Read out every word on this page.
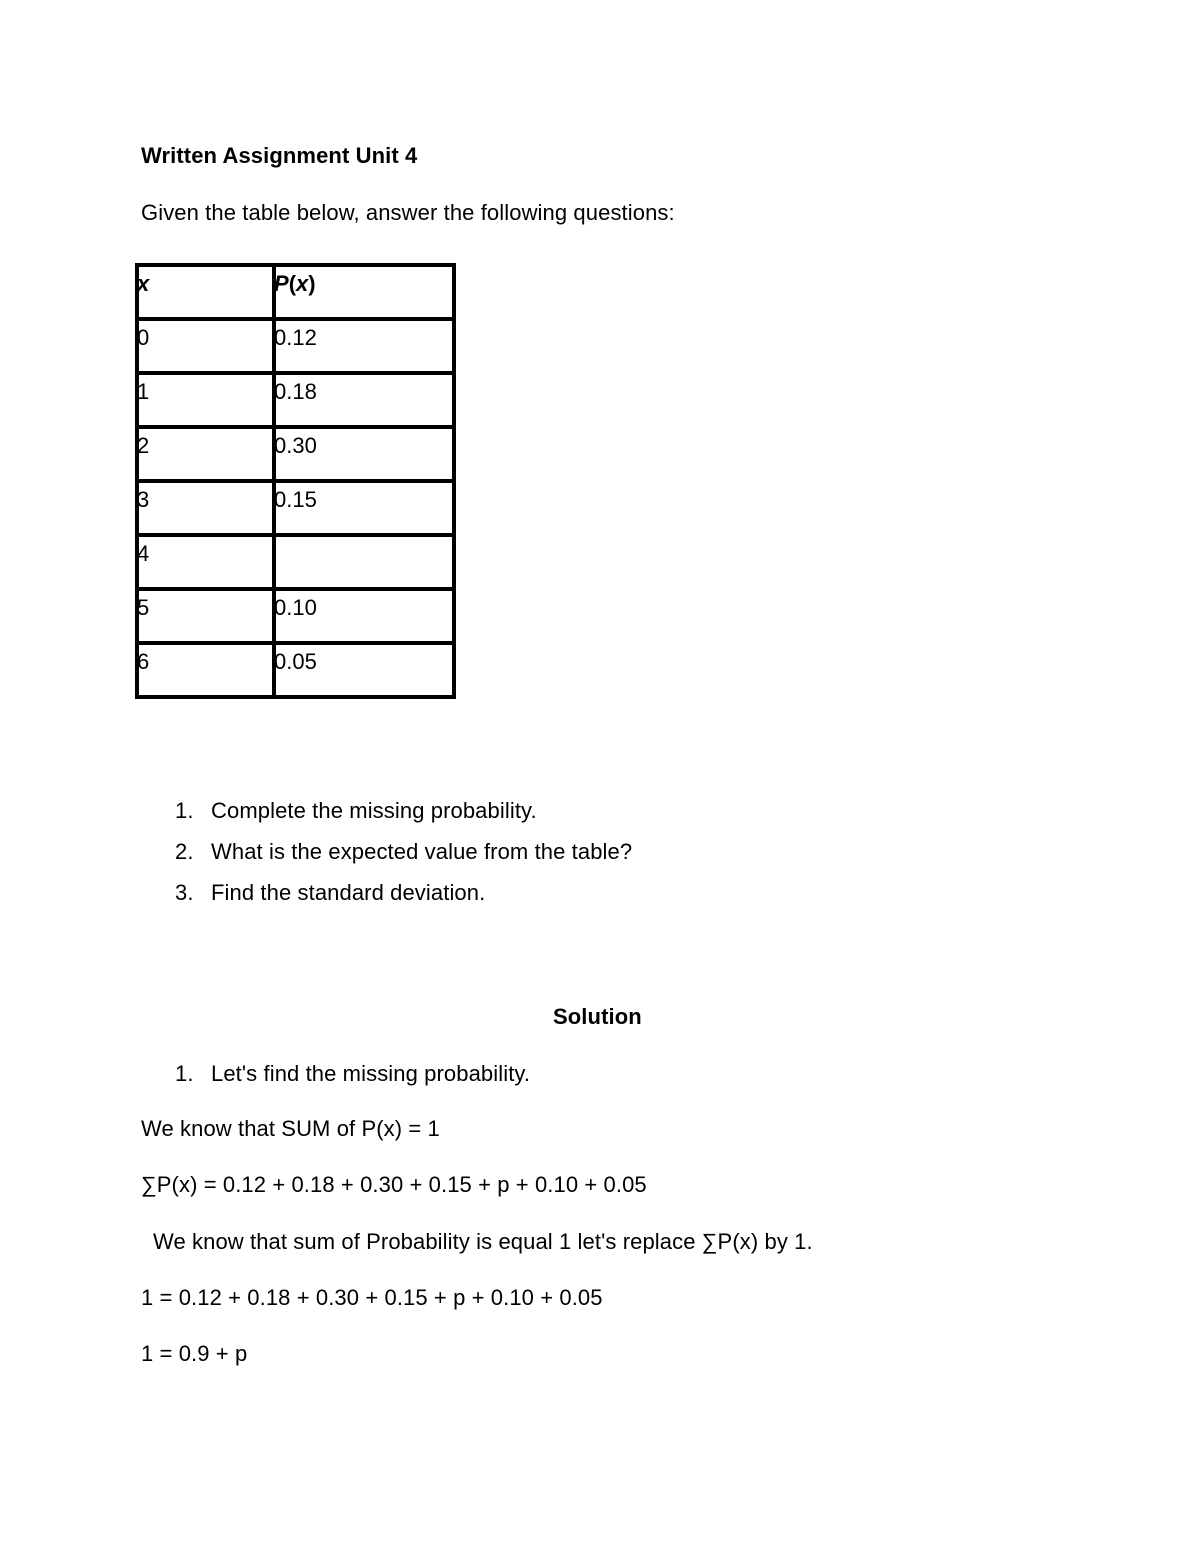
Written Assignment Unit 4
Given the table below, answer the following questions:
x	P(x)

0	0.12

1	0.18

2	0.30

3	0.15

4	

5	0.10

6	0.05
1. Complete the missing probability.
2. What is the expected value from the table?
3. Find the standard deviation.
Solution
1. Let's find the missing probability.
We know that SUM of P(x) = 1
∑P(x) = 0.12 + 0.18 + 0.30 + 0.15 + p + 0.10 + 0.05
We know that sum of Probability is equal 1 let's replace ∑P(x) by 1.
1 = 0.12 + 0.18 + 0.30 + 0.15 + p + 0.10 + 0.05
1 = 0.9 + p
